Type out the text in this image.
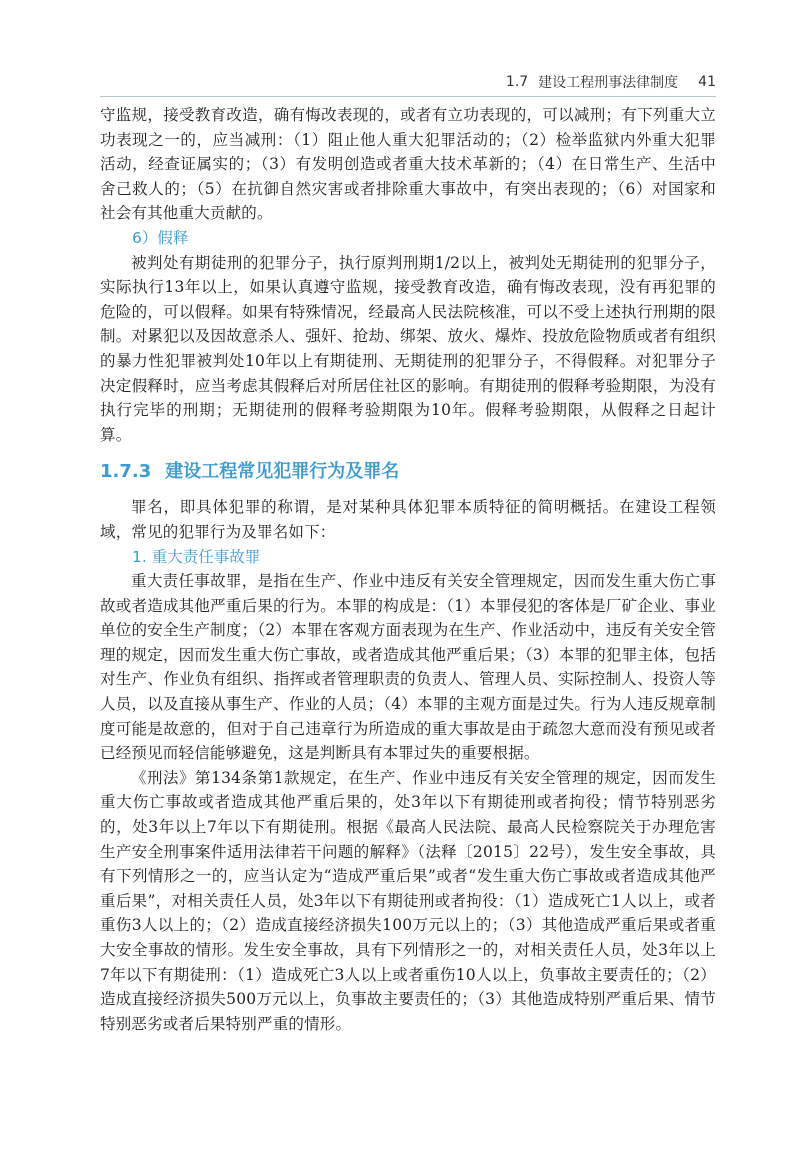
1.7 建设工程刑事法律制度 41

守监规，接受教育改造，确有悔改表现的，或者有立功表现的，可以减刑；有下列重大立功表现之一的，应当减刑：（1）阻止他人重大犯罪活动的；（2）检举监狱内外重大犯罪活动，经查证属实的；（3）有发明创造或者重大技术革新的；（4）在日常生产、生活中舍己救人的；（5）在抗御自然灾害或者排除重大事故中，有突出表现的；（6）对国家和社会有其他重大贡献的。

6）假释

被判处有期徒刑的犯罪分子，执行原判刑期1/2以上，被判处无期徒刑的犯罪分子，实际执行13年以上，如果认真遵守监规，接受教育改造，确有悔改表现，没有再犯罪的危险的，可以假释。如果有特殊情况，经最高人民法院核准，可以不受上述执行刑期的限制。对累犯以及因故意杀人、强奸、抢劫、绑架、放火、爆炸、投放危险物质或者有组织的暴力性犯罪被判处10年以上有期徒刑、无期徒刑的犯罪分子，不得假释。对犯罪分子决定假释时，应当考虑其假释后对所居住社区的影响。有期徒刑的假释考验期限，为没有执行完毕的刑期；无期徒刑的假释考验期限为10年。假释考验期限，从假释之日起计算。

1.7.3 建设工程常见犯罪行为及罪名

罪名，即具体犯罪的称谓，是对某种具体犯罪本质特征的简明概括。在建设工程领域，常见的犯罪行为及罪名如下：

1. 重大责任事故罪

重大责任事故罪，是指在生产、作业中违反有关安全管理规定，因而发生重大伤亡事故或者造成其他严重后果的行为。本罪的构成是：（1）本罪侵犯的客体是厂矿企业、事业单位的安全生产制度；（2）本罪在客观方面表现为在生产、作业活动中，违反有关安全管理的规定，因而发生重大伤亡事故，或者造成其他严重后果；（3）本罪的犯罪主体，包括对生产、作业负有组织、指挥或者管理职责的负责人、管理人员、实际控制人、投资人等人员，以及直接从事生产、作业的人员；（4）本罪的主观方面是过失。行为人违反规章制度可能是故意的，但对于自己违章行为所造成的重大事故是由于疏忽大意而没有预见或者已经预见而轻信能够避免，这是判断具有本罪过失的重要根据。

《刑法》第134条第1款规定，在生产、作业中违反有关安全管理的规定，因而发生重大伤亡事故或者造成其他严重后果的，处3年以下有期徒刑或者拘役；情节特别恶劣的，处3年以上7年以下有期徒刑。根据《最高人民法院、最高人民检察院关于办理危害生产安全刑事案件适用法律若干问题的解释》（法释〔2015〕22号），发生安全事故，具有下列情形之一的，应当认定为“造成严重后果”或者“发生重大伤亡事故或者造成其他严重后果”，对相关责任人员，处3年以下有期徒刑或者拘役：（1）造成死亡1人以上，或者重伤3人以上的；（2）造成直接经济损失100万元以上的；（3）其他造成严重后果或者重大安全事故的情形。发生安全事故，具有下列情形之一的，对相关责任人员，处3年以上7年以下有期徒刑：（1）造成死亡3人以上或者重伤10人以上，负事故主要责任的；（2）造成直接经济损失500万元以上，负事故主要责任的；（3）其他造成特别严重后果、情节特别恶劣或者后果特别严重的情形。
